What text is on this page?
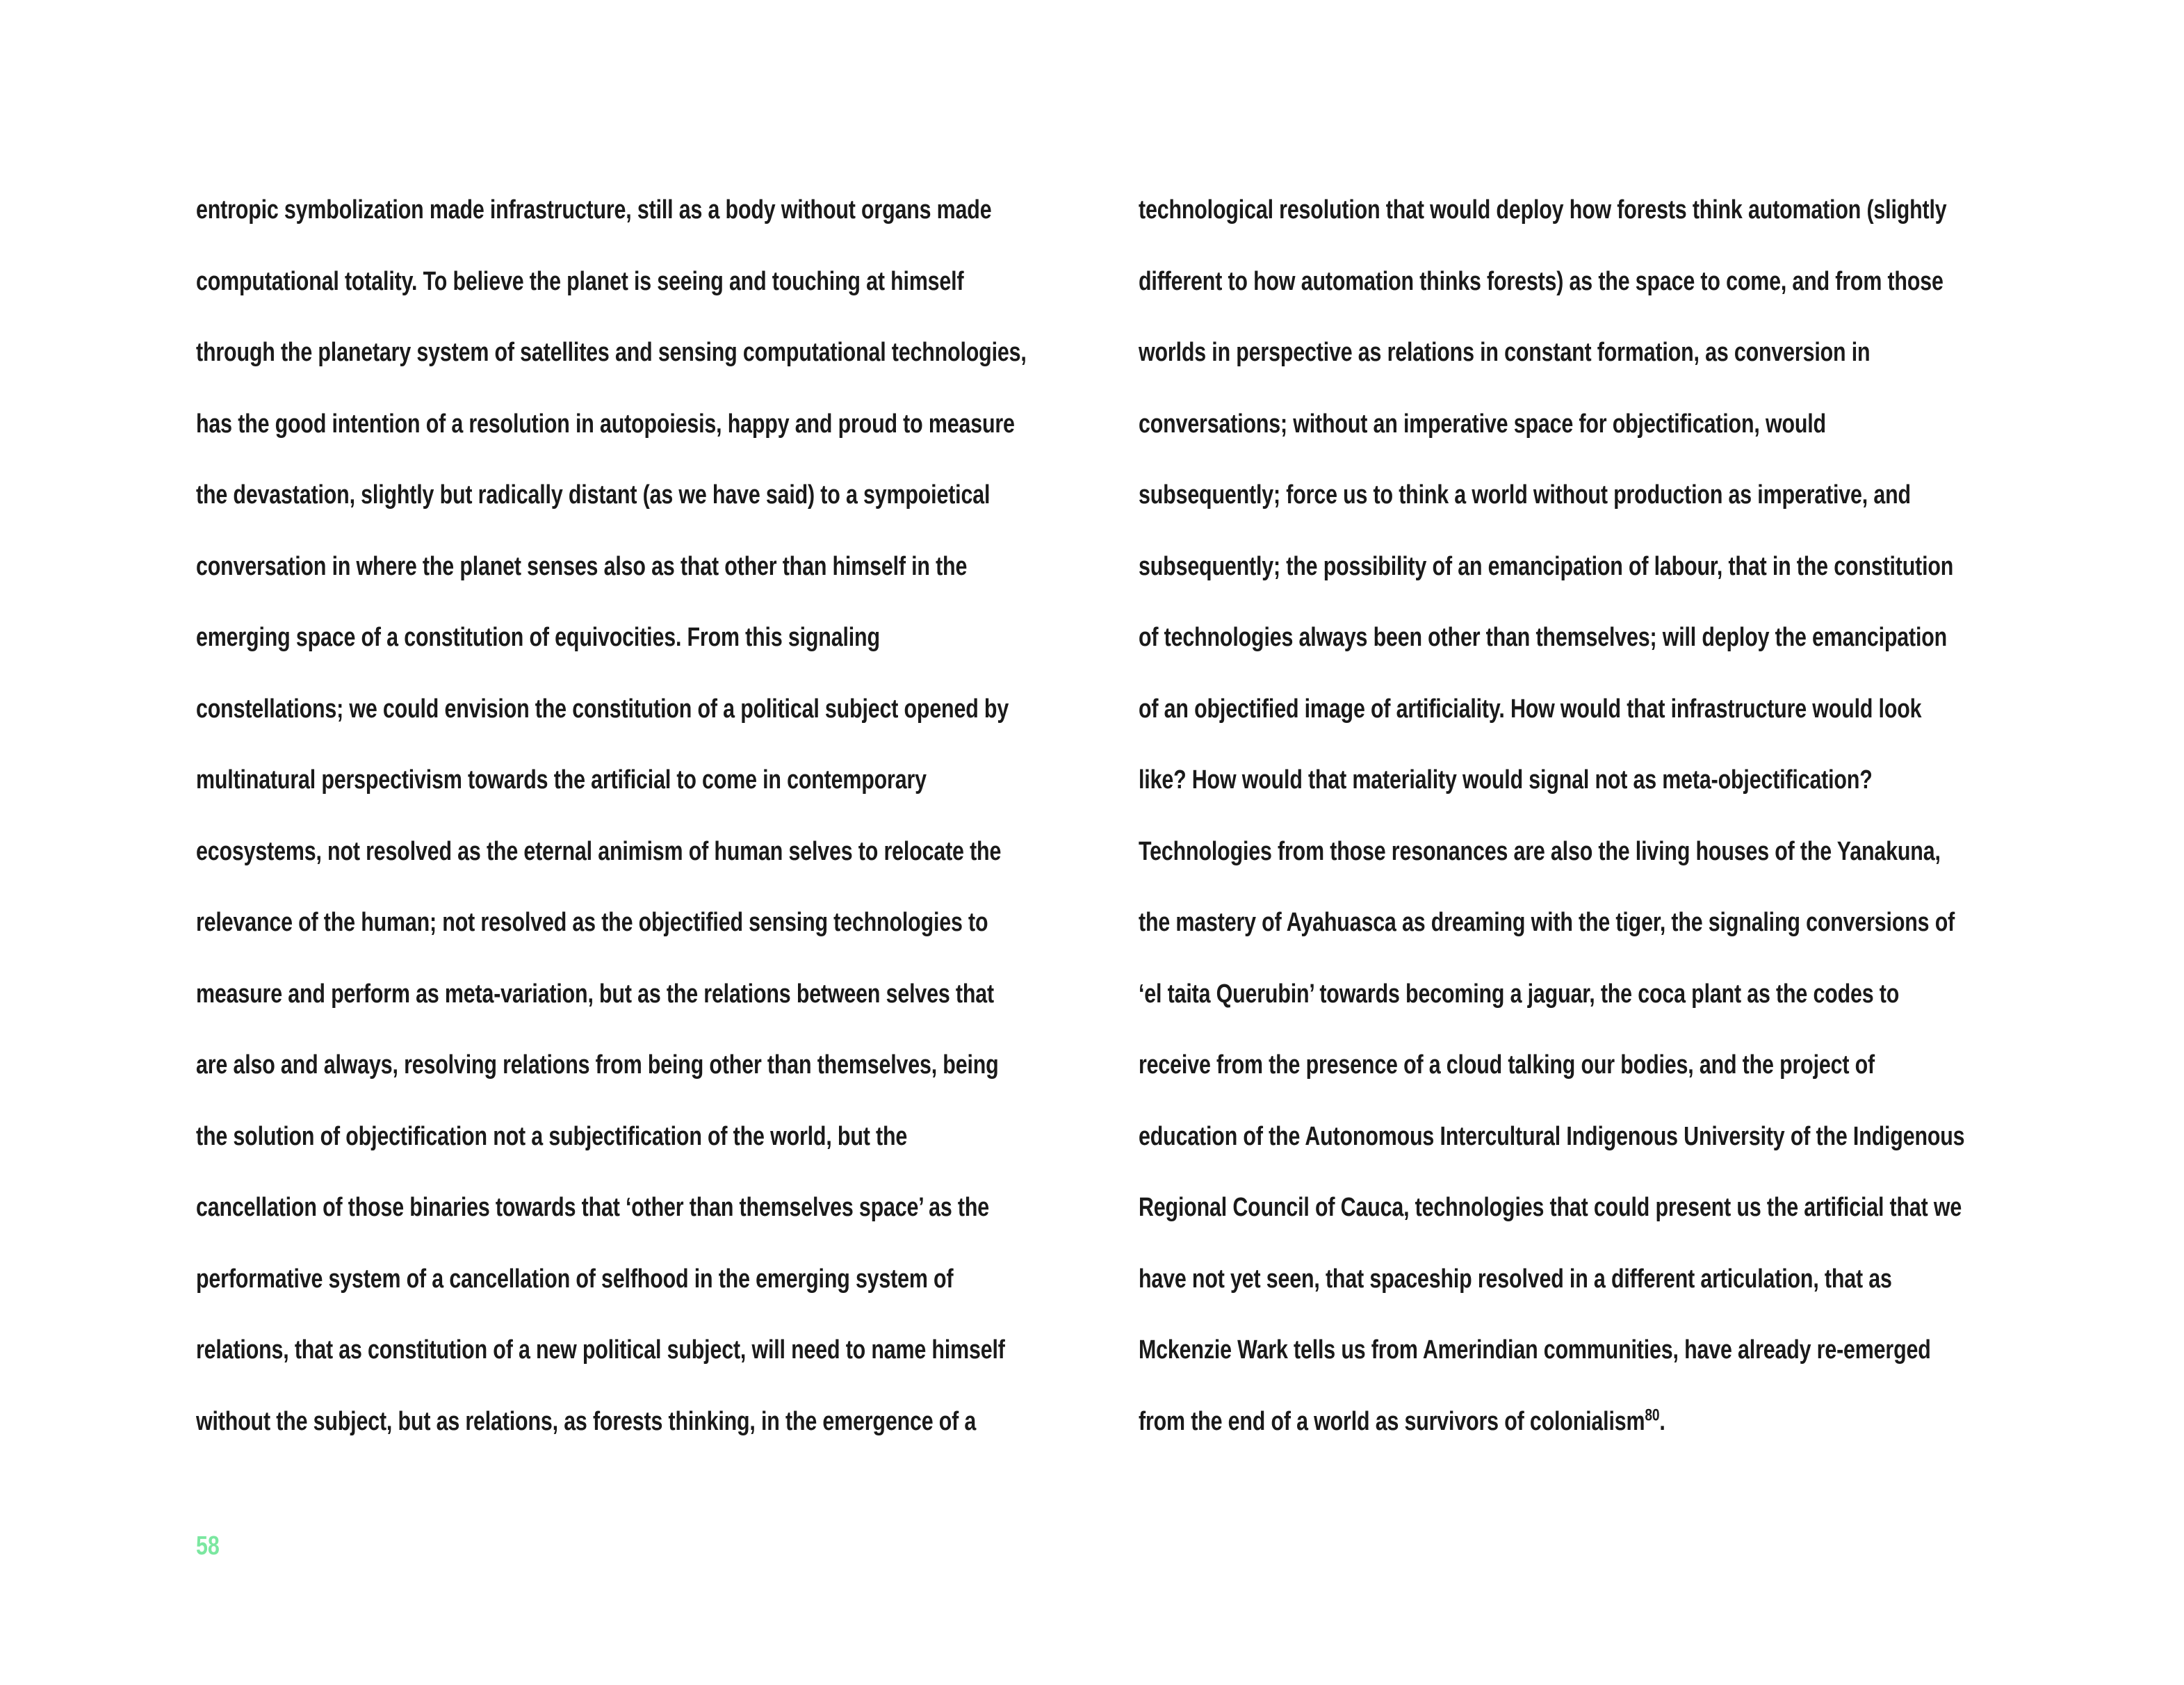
entropic symbolization made infrastructure, still as a body without organs made
computational totality. To believe the planet is seeing and touching at himself
through the planetary system of satellites and sensing computational technologies,
has the good intention of a resolution in autopoiesis, happy and proud to measure
the devastation, slightly but radically distant (as we have said) to a sympoietical
conversation in where the planet senses also as that other than himself in the
emerging space of a constitution of equivocities. From this signaling
constellations; we could envision the constitution of a political subject opened by
multinatural perspectivism towards the artificial to come in contemporary
ecosystems, not resolved as the eternal animism of human selves to relocate the
relevance of the human; not resolved as the objectified sensing technologies to
measure and perform as meta-variation, but as the relations between selves that
are also and always, resolving relations from being other than themselves, being
the solution of objectification not a subjectification of the world, but the
cancellation of those binaries towards that ‘other than themselves space’ as the
performative system of a cancellation of selfhood in the emerging system of
relations, that as constitution of a new political subject, will need to name himself
without the subject, but as relations, as forests thinking, in the emergence of a
technological resolution that would deploy how forests think automation (slightly
different to how automation thinks forests) as the space to come, and from those
worlds in perspective as relations in constant formation, as conversion in
conversations; without an imperative space for objectification, would
subsequently; force us to think a world without production as imperative, and
subsequently; the possibility of an emancipation of labour, that in the constitution
of technologies always been other than themselves; will deploy the emancipation
of an objectified image of artificiality. How would that infrastructure would look
like? How would that materiality would signal not as meta-objectification?
Technologies from those resonances are also the living houses of the Yanakuna,
the mastery of Ayahuasca as dreaming with the tiger, the signaling conversions of
‘el taita Querubin’ towards becoming a jaguar, the coca plant as the codes to
receive from the presence of a cloud talking our bodies, and the project of
education of the Autonomous Intercultural Indigenous University of the Indigenous
Regional Council of Cauca, technologies that could present us the artificial that we
have not yet seen, that spaceship resolved in a different articulation, that as
Mckenzie Wark tells us from Amerindian communities, have already re-emerged
from the end of a world as survivors of colonialism$^{80}$.
58
